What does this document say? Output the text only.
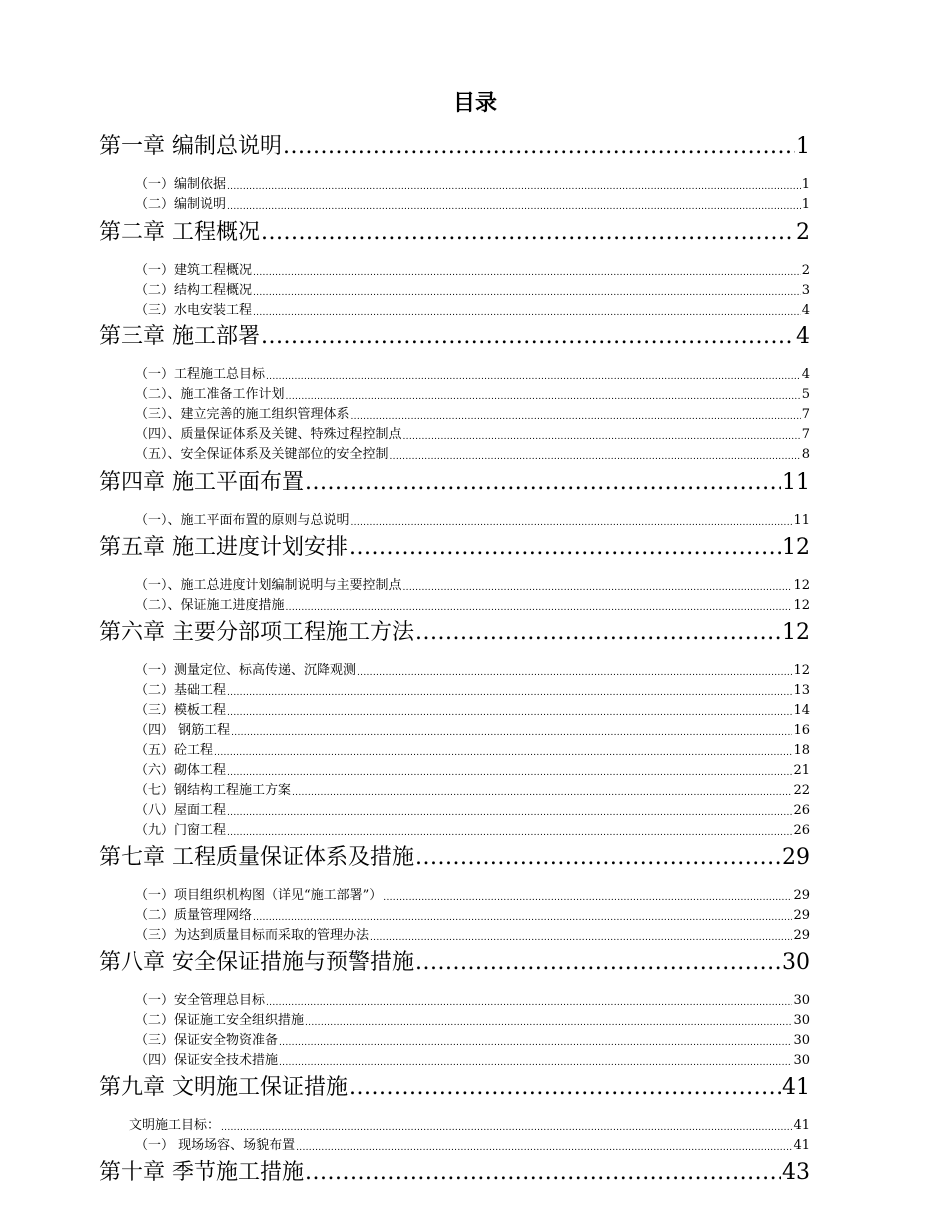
目录
第一章 编制总说明 .....	1
（一）编制依据 .....	1
（二）编制说明 .....	1
第二章 工程概况 .....	2
（一）建筑工程概况 .....	2
（二）结构工程概况 .....	3
（三）水电安装工程 .....	4
第三章 施工部署 .....	4
（一）工程施工总目标 .....	4
（二）、施工准备工作计划 .....	5
（三）、建立完善的施工组织管理体系 .....	7
（四）、质量保证体系及关键、特殊过程控制点 .....	7
（五）、安全保证体系及关键部位的安全控制 .....	8
第四章 施工平面布置 .....	11
（一）、施工平面布置的原则与总说明 .....	11
第五章 施工进度计划安排 .....	12
（一）、施工总进度计划编制说明与主要控制点 .....	12
（二）、保证施工进度措施 .....	12
第六章 主要分部项工程施工方法 .....	12
（一）测量定位、标高传递、沉降观测 .....	12
（二）基础工程 .....	13
（三）模板工程 .....	14
（四） 钢筋工程 .....	16
（五）砼工程 .....	18
（六）砌体工程 .....	21
（七）钢结构工程施工方案 .....	22
（八）屋面工程 .....	26
（九）门窗工程 .....	26
第七章 工程质量保证体系及措施 .....	29
（一）项目组织机构图（详见“施工部署”） .....	29
（二）质量管理网络 .....	29
（三）为达到质量目标而采取的管理办法 .....	29
第八章 安全保证措施与预警措施 .....	30
（一）安全管理总目标 .....	30
（二）保证施工安全组织措施 .....	30
（三）保证安全物资准备 .....	30
（四）保证安全技术措施 .....	30
第九章 文明施工保证措施 .....	41
文明施工目标： .....	41
（一） 现场场容、场貌布置 .....	41
第十章 季节施工措施 .....	43
